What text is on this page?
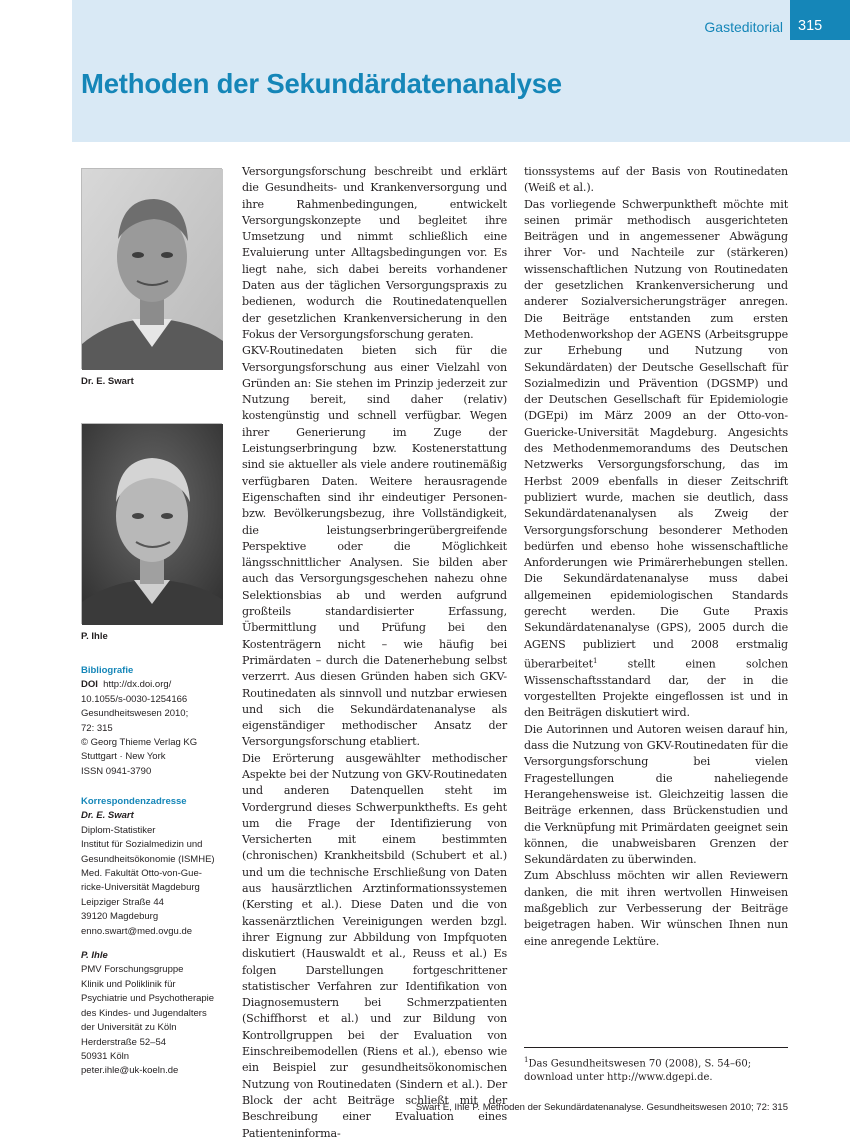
Gasteditorial	315
Methoden der Sekundärdatenanalyse
Dr. E. Swart
P. Ihle
Bibliografie
DOI http://dx.doi.org/
10.1055/s-0030-1254166
Gesundheitswesen 2010;
72: 315
© Georg Thieme Verlag KG
Stuttgart · New York
ISSN 0941-3790
Korrespondenzadresse
Dr. E. Swart
Diplom-Statistiker
Institut für Sozialmedizin und
Gesundheitsökonomie (ISMHE)
Med. Fakultät Otto-von-Gue-
ricke-Universität Magdeburg
Leipziger Straße 44
39120 Magdeburg
enno.swart@med.ovgu.de
P. Ihle
PMV Forschungsgruppe
Klinik und Poliklinik für
Psychiatrie und Psychotherapie
des Kindes- und Jugendalters
der Universität zu Köln
Herderstraße 52–54
50931 Köln
peter.ihle@uk-koeln.de

Versorgungsforschung beschreibt und erklärt die Gesundheits- und Krankenversorgung und ihre Rahmenbedingungen, entwickelt Versorgungskonzepte und begleitet ihre Umsetzung und nimmt schließlich eine Evaluierung unter Alltagsbedingungen vor. Es liegt nahe, sich dabei bereits vorhandener Daten aus der täglichen Versorgungspraxis zu bedienen, wodurch die Routinedatenquellen der gesetzlichen Krankenversicherung in den Fokus der Versorgungsforschung geraten.

GKV-Routinedaten bieten sich für die Versorgungsforschung aus einer Vielzahl von Gründen an: Sie stehen im Prinzip jederzeit zur Nutzung bereit, sind daher (relativ) kostengünstig und schnell verfügbar. Wegen ihrer Generierung im Zuge der Leistungserbringung bzw. Kostenerstattung sind sie aktueller als viele andere routinemäßig verfügbaren Daten. Weitere herausragende Eigenschaften sind ihr eindeutiger Personen- bzw. Bevölkerungsbezug, ihre Vollständigkeit, die leistungserbringerübergreifende Perspektive oder die Möglichkeit längsschnittlicher Analysen. Sie bilden aber auch das Versorgungsgeschehen nahezu ohne Selektionsbias ab und werden aufgrund großteils standardisierter Erfassung, Übermittlung und Prüfung bei den Kostenträgern nicht – wie häufig bei Primärdaten – durch die Datenerhebung selbst verzerrt. Aus diesen Gründen haben sich GKV-Routinedaten als sinnvoll und nutzbar erwiesen und sich die Sekundärdatenanalyse als eigenständiger methodischer Ansatz der Versorgungsforschung etabliert.

Die Erörterung ausgewählter methodischer Aspekte bei der Nutzung von GKV-Routinedaten und anderen Datenquellen steht im Vordergrund dieses Schwerpunkthefts. Es geht um die Frage der Identifizierung von Versicherten mit einem bestimmten (chronischen) Krankheitsbild (Schubert et al.) und um die technische Erschließung von Daten aus hausärztlichen Arztinformationssystemen (Kersting et al.). Diese Daten und die von kassenärztlichen Vereinigungen werden bzgl. ihrer Eignung zur Abbildung von Impfquoten diskutiert (Hauswaldt et al., Reuss et al.) Es folgen Darstellungen fortgeschrittener statistischer Verfahren zur Identifikation von Diagnosemustern bei Schmerzpatienten (Schiffhorst et al.) und zur Bildung von Kontrollgruppen bei der Evaluation von Einschreibemodellen (Riens et al.), ebenso wie ein Beispiel zur gesundheitsökonomischen Nutzung von Routinedaten (Sindern et al.). Der Block der acht Beiträge schließt mit der Beschreibung einer Evaluation eines Patienteninforma-

tionssystems auf der Basis von Routinedaten (Weiß et al.).

Das vorliegende Schwerpunktheft möchte mit seinen primär methodisch ausgerichteten Beiträgen und in angemessener Abwägung ihrer Vor- und Nachteile zur (stärkeren) wissenschaftlichen Nutzung von Routinedaten der gesetzlichen Krankenversicherung und anderer Sozialversicherungsträger anregen. Die Beiträge entstanden zum ersten Methodenworkshop der AGENS (Arbeitsgruppe zur Erhebung und Nutzung von Sekundärdaten) der Deutsche Gesellschaft für Sozialmedizin und Prävention (DGSMP) und der Deutschen Gesellschaft für Epidemiologie (DGEpi) im März 2009 an der Otto-von-Guericke-Universität Magdeburg. Angesichts des Methodenmemorandums des Deutschen Netzwerks Versorgungsforschung, das im Herbst 2009 ebenfalls in dieser Zeitschrift publiziert wurde, machen sie deutlich, dass Sekundärdatenanalysen als Zweig der Versorgungsforschung besonderer Methoden bedürfen und ebenso hohe wissenschaftliche Anforderungen wie Primärerhebungen stellen. Die Sekundärdatenanalyse muss dabei allgemeinen epidemiologischen Standards gerecht werden. Die Gute Praxis Sekundärdatenanalyse (GPS), 2005 durch die AGENS publiziert und 2008 erstmalig überarbeitet$^1$ stellt einen solchen Wissenschaftsstandard dar, der in die vorgestellten Projekte eingeflossen ist und in den Beiträgen diskutiert wird.

Die Autorinnen und Autoren weisen darauf hin, dass die Nutzung von GKV-Routinedaten für die Versorgungsforschung bei vielen Fragestellungen die naheliegende Herangehensweise ist. Gleichzeitig lassen die Beiträge erkennen, dass Brückenstudien und die Verknüpfung mit Primärdaten geeignet sein können, die unabweisbaren Grenzen der Sekundärdaten zu überwinden.

Zum Abschluss möchten wir allen Reviewern danken, die mit ihren wertvollen Hinweisen maßgeblich zur Verbesserung der Beiträge beigetragen haben. Wir wünschen Ihnen nun eine anregende Lektüre.

$^1$Das Gesundheitswesen 70 (2008), S. 54–60; download unter http://www.dgepi.de.
Swart E, Ihle P. Methoden der Sekundärdatenanalyse. Gesundheitswesen 2010; 72: 315
